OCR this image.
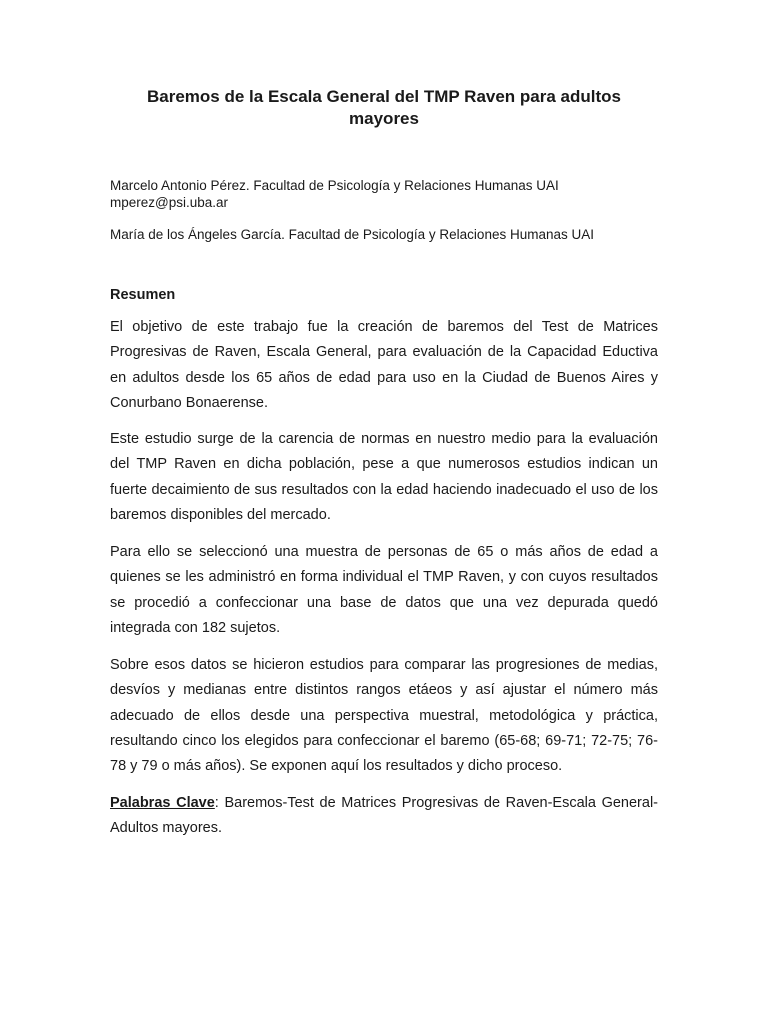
Baremos de la Escala General del TMP Raven para adultos mayores
Marcelo Antonio Pérez. Facultad de Psicología y Relaciones Humanas UAI
mperez@psi.uba.ar
María de los Ángeles García. Facultad de Psicología y Relaciones Humanas UAI
Resumen

El objetivo de este trabajo fue la creación de baremos del Test de Matrices Progresivas de Raven, Escala General, para evaluación de la Capacidad Eductiva en adultos desde los 65 años de edad para uso en la Ciudad de Buenos Aires y Conurbano Bonaerense.

Este estudio surge de la carencia de normas en nuestro medio para la evaluación del TMP Raven en dicha población, pese a que numerosos estudios indican un fuerte decaimiento de sus resultados con la edad haciendo inadecuado el uso de los baremos disponibles del mercado.

Para ello se seleccionó una muestra de personas de 65 o más años de edad a quienes se les administró en forma individual el TMP Raven, y con cuyos resultados se procedió a confeccionar una base de datos que una vez depurada quedó integrada con 182 sujetos.

Sobre esos datos se hicieron estudios para comparar las progresiones de medias, desvíos y medianas entre distintos rangos etáeos y así ajustar el número más adecuado de ellos desde una perspectiva muestral, metodológica y práctica, resultando cinco los elegidos para confeccionar el baremo (65-68; 69-71; 72-75; 76-78 y 79 o más años). Se exponen aquí los resultados y dicho proceso.

Palabras Clave: Baremos-Test de Matrices Progresivas de Raven-Escala General-Adultos mayores.
